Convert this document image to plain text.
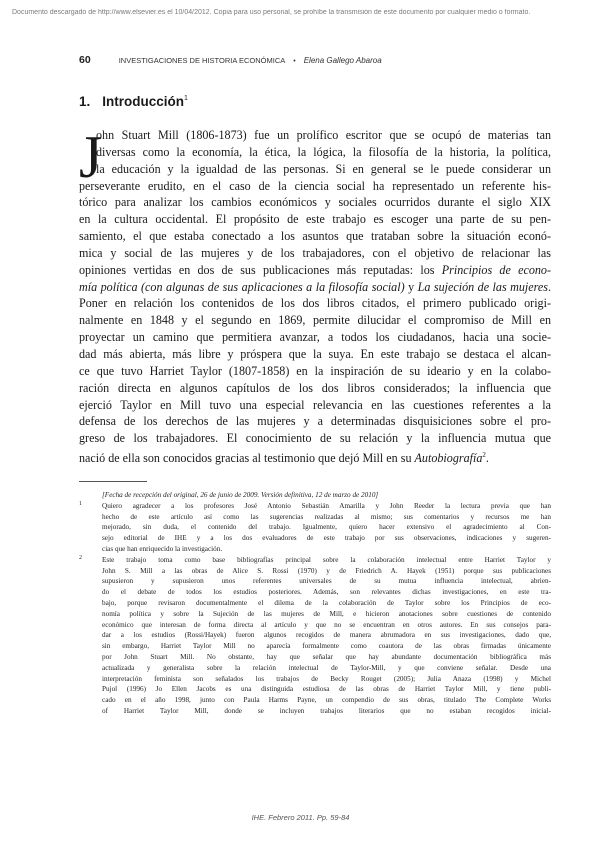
Documento descargado de http://www.elsevier.es el 10/04/2012. Copia para uso personal, se prohíbe la transmisión de este documento por cualquier medio o formato.
60	INVESTIGACIONES DE HISTORIA ECONÓMICA • Elena Gallego Abaroa
1. Introducción$^1$
J
ohn Stuart Mill (1806-1873) fue un prolífico escritor que se ocupó de materias tan
diversas como la economía, la ética, la lógica, la filosofía de la historia, la política,
la educación y la igualdad de las personas. Si en general se le puede considerar un
perseverante erudito, en el caso de la ciencia social ha representado un referente his-
tórico para analizar los cambios económicos y sociales ocurridos durante el siglo XIX
en la cultura occidental. El propósito de este trabajo es escoger una parte de su pen-
samiento, el que estaba conectado a los asuntos que trataban sobre la situación econó-
mica y social de las mujeres y de los trabajadores, con el objetivo de relacionar las
opiniones vertidas en dos de sus publicaciones más reputadas: los Principios de econo-
mía política (con algunas de sus aplicaciones a la filosofía social) y La sujeción de las mujeres.
Poner en relación los contenidos de los dos libros citados, el primero publicado origi-
nalmente en 1848 y el segundo en 1869, permite dilucidar el compromiso de Mill en
proyectar un camino que permitiera avanzar, a todos los ciudadanos, hacia una socie-
dad más abierta, más libre y próspera que la suya. En este trabajo se destaca el alcan-
ce que tuvo Harriet Taylor (1807-1858) en la inspiración de su ideario y en la colabo-
ración directa en algunos capítulos de los dos libros considerados; la influencia que
ejerció Taylor en Mill tuvo una especial relevancia en las cuestiones referentes a la
defensa de los derechos de las mujeres y a determinadas disquisiciones sobre el pro-
greso de los trabajadores. El conocimiento de su relación y la influencia mutua que
nació de ella son conocidos gracias al testimonio que dejó Mill en su Autobiografía$^2$.
[Fecha de recepción del original, 26 de junio de 2009. Versión definitiva, 12 de marzo de 2010]
1	Quiero agradecer a los profesores José Antonio Sebastián Amarilla y John Reeder la lectura previa que han
hecho de este artículo así como las sugerencias realizadas al mismo; sus comentarios y recursos me han
mejorado, sin duda, el contenido del trabajo. Igualmente, quiero hacer extensivo el agradecimiento al Con-
sejo editorial de IHE y a los dos evaluadores de este trabajo por sus observaciones, indicaciones y sugeren-
cias que han enriquecido la investigación.
2	Este trabajo toma como base bibliografías principal sobre la colaboración intelectual entre Harriet Taylor y
John S. Mill a las obras de Alice S. Rossi (1970) y de Friedrich A. Hayek (1951) porque sus publicaciones
supusieron y supusieron unos referentes universales de su mutua influencia intelectual, abrien-
do el debate de todos los estudios posteriores. Además, son relevantes dichas investigaciones, en este tra-
bajo, porque revisaron documentalmente el dilema de la colaboración de Taylor sobre los Principios de eco-
nomía política y sobre la Sujeción de las mujeres de Mill, e hicieron anotaciones sobre cuestiones de contenido
económico que interesan de forma directa al artículo y que no se encuentran en otros autores. En sus consejos para-
dar a los estudios (Rossi/Hayek) fueron algunos recogidos de manera abrumadora en sus investigaciones, dado que,
sin embargo, Harriet Taylor Mill no aparecía formalmente como coautora de las obras firmadas únicamente
por John Stuart Mill. No obstante, hay que señalar que hay abundante documentación bibliográfica más
actualizada y generalista sobre la relación intelectual de Taylor-Mill, y que conviene señalar. Desde una
interpretación feminista son señalados los trabajos de Becky Rouget (2005); Julia Anaza (1998) y Michel
Pujol (1996) Jo Ellen Jacobs es una distinguida estudiosa de las obras de Harriet Taylor Mill, y tiene publi-
cado en el año 1998, junto con Paula Harms Payne, un compendio de sus obras, titulado The Complete Works
of Harriet Taylor Mill, donde se incluyen trabajos literarios que no estaban recogidos inicial-
IHE. Febrero 2011. Pp. 59-84
